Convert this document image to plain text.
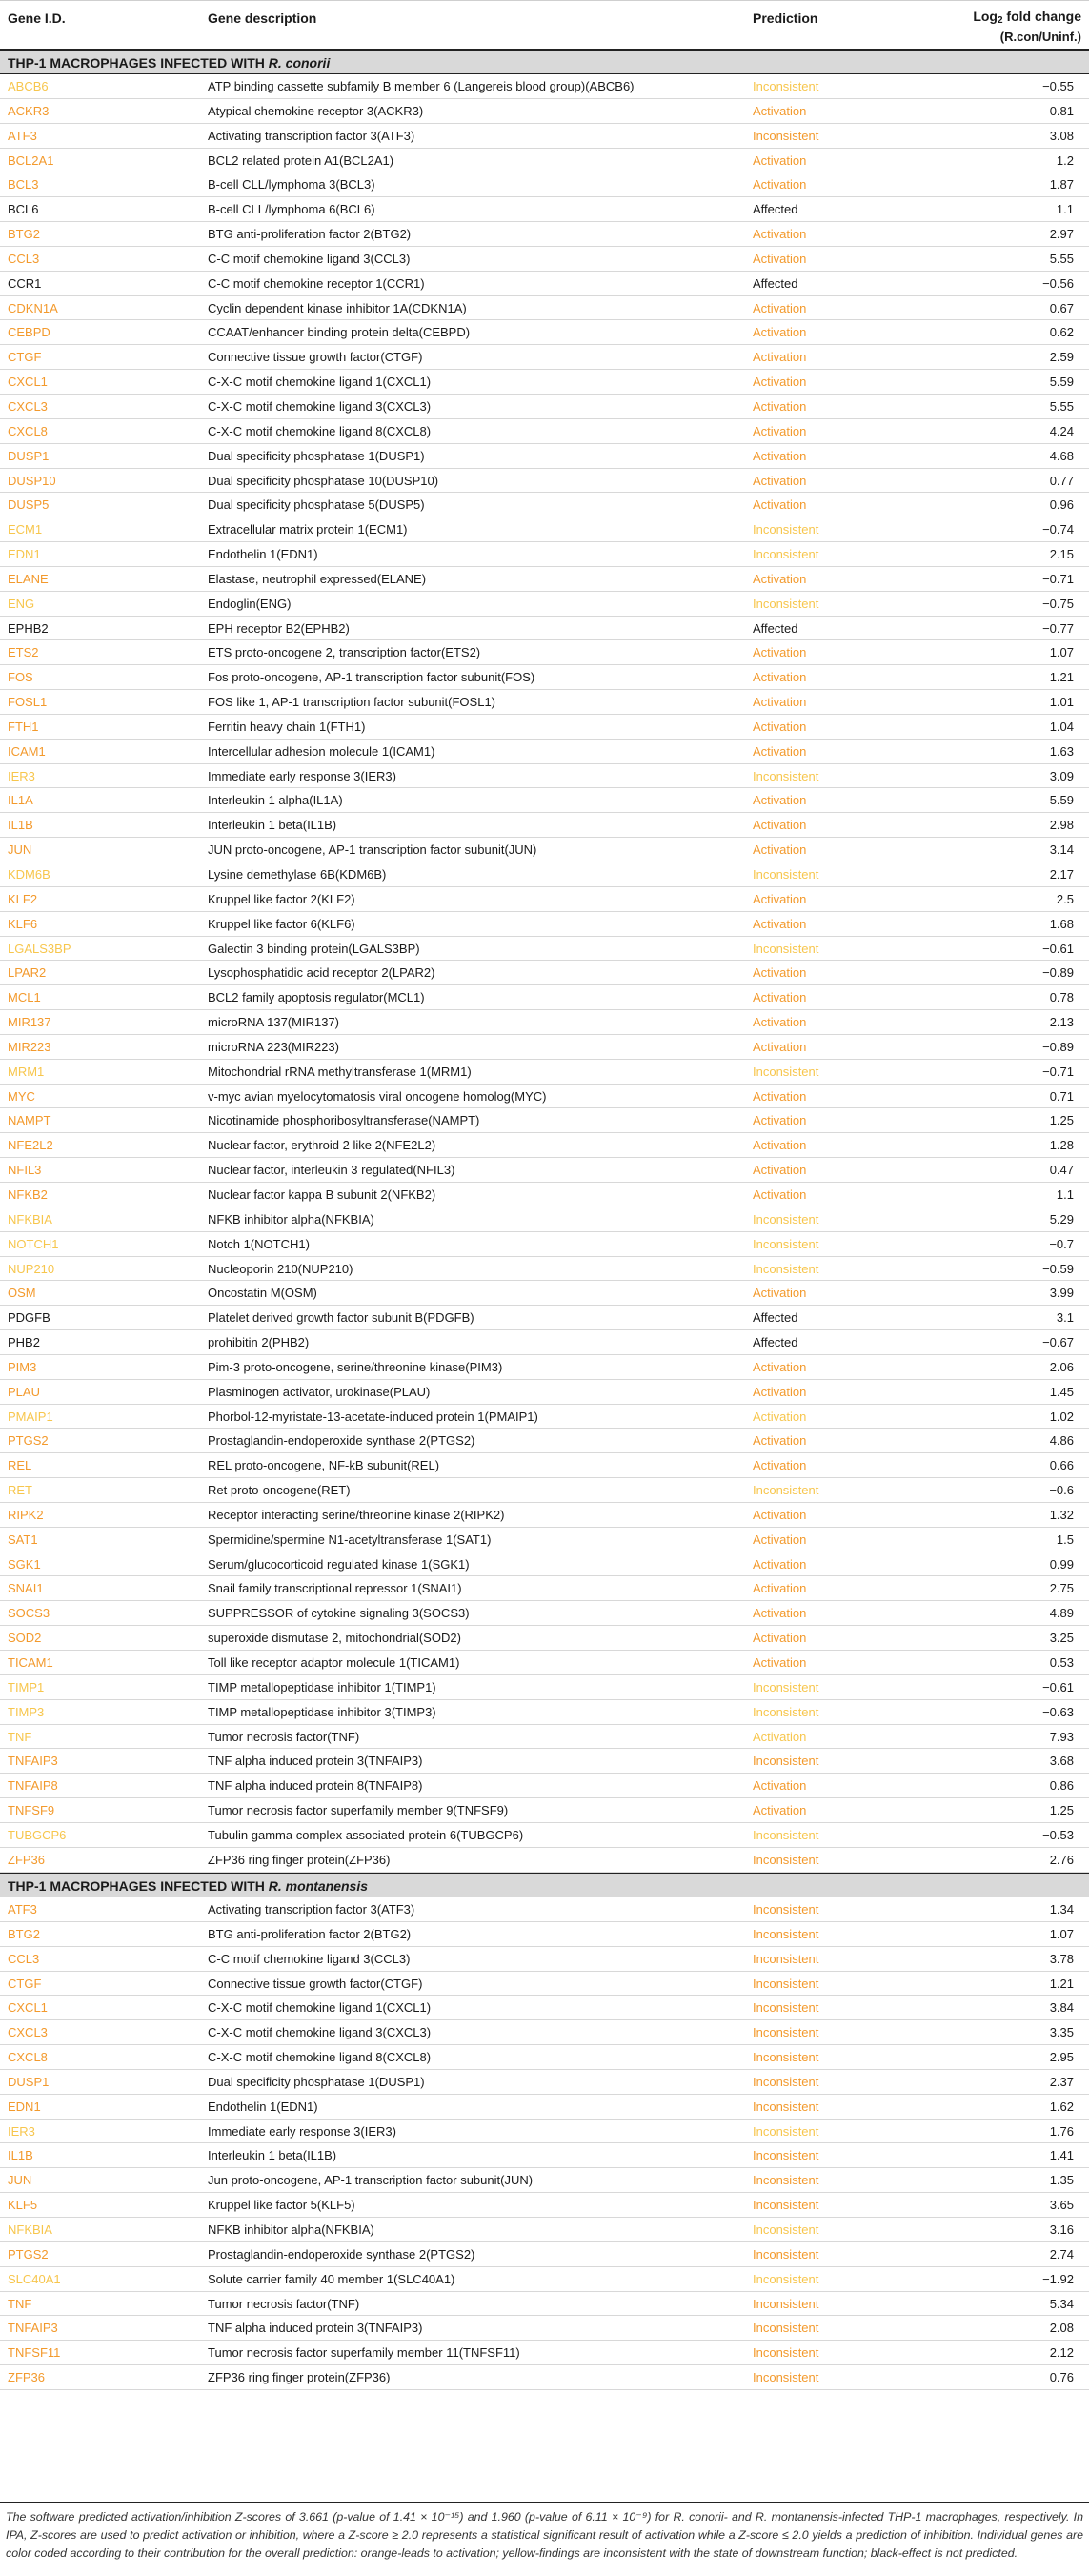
Gene I.D.	Gene description	Prediction	Log$_2$ fold change
(R.con/Uninf.)
THP-1 MACROPHAGES INFECTED WITH R. conorii
ABCB6	ATP binding cassette subfamily B member 6 (Langereis blood group)(ABCB6)	Inconsistent	−0.55
ACKR3	Atypical chemokine receptor 3(ACKR3)	Activation	0.81
ATF3	Activating transcription factor 3(ATF3)	Inconsistent	3.08
BCL2A1	BCL2 related protein A1(BCL2A1)	Activation	1.2
BCL3	B-cell CLL/lymphoma 3(BCL3)	Activation	1.87
BCL6	B-cell CLL/lymphoma 6(BCL6)	Affected	1.1
BTG2	BTG anti-proliferation factor 2(BTG2)	Activation	2.97
CCL3	C-C motif chemokine ligand 3(CCL3)	Activation	5.55
CCR1	C-C motif chemokine receptor 1(CCR1)	Affected	−0.56
CDKN1A	Cyclin dependent kinase inhibitor 1A(CDKN1A)	Activation	0.67
CEBPD	CCAAT/enhancer binding protein delta(CEBPD)	Activation	0.62
CTGF	Connective tissue growth factor(CTGF)	Activation	2.59
CXCL1	C-X-C motif chemokine ligand 1(CXCL1)	Activation	5.59
CXCL3	C-X-C motif chemokine ligand 3(CXCL3)	Activation	5.55
CXCL8	C-X-C motif chemokine ligand 8(CXCL8)	Activation	4.24
DUSP1	Dual specificity phosphatase 1(DUSP1)	Activation	4.68
DUSP10	Dual specificity phosphatase 10(DUSP10)	Activation	0.77
DUSP5	Dual specificity phosphatase 5(DUSP5)	Activation	0.96
ECM1	Extracellular matrix protein 1(ECM1)	Inconsistent	−0.74
EDN1	Endothelin 1(EDN1)	Inconsistent	2.15
ELANE	Elastase, neutrophil expressed(ELANE)	Activation	−0.71
ENG	Endoglin(ENG)	Inconsistent	−0.75
EPHB2	EPH receptor B2(EPHB2)	Affected	−0.77
ETS2	ETS proto-oncogene 2, transcription factor(ETS2)	Activation	1.07
FOS	Fos proto-oncogene, AP-1 transcription factor subunit(FOS)	Activation	1.21
FOSL1	FOS like 1, AP-1 transcription factor subunit(FOSL1)	Activation	1.01
FTH1	Ferritin heavy chain 1(FTH1)	Activation	1.04
ICAM1	Intercellular adhesion molecule 1(ICAM1)	Activation	1.63
IER3	Immediate early response 3(IER3)	Inconsistent	3.09
IL1A	Interleukin 1 alpha(IL1A)	Activation	5.59
IL1B	Interleukin 1 beta(IL1B)	Activation	2.98
JUN	JUN proto-oncogene, AP-1 transcription factor subunit(JUN)	Activation	3.14
KDM6B	Lysine demethylase 6B(KDM6B)	Inconsistent	2.17
KLF2	Kruppel like factor 2(KLF2)	Activation	2.5
KLF6	Kruppel like factor 6(KLF6)	Activation	1.68
LGALS3BP	Galectin 3 binding protein(LGALS3BP)	Inconsistent	−0.61
LPAR2	Lysophosphatidic acid receptor 2(LPAR2)	Activation	−0.89
MCL1	BCL2 family apoptosis regulator(MCL1)	Activation	0.78
MIR137	microRNA 137(MIR137)	Activation	2.13
MIR223	microRNA 223(MIR223)	Activation	−0.89
MRM1	Mitochondrial rRNA methyltransferase 1(MRM1)	Inconsistent	−0.71
MYC	v-myc avian myelocytomatosis viral oncogene homolog(MYC)	Activation	0.71
NAMPT	Nicotinamide phosphoribosyltransferase(NAMPT)	Activation	1.25
NFE2L2	Nuclear factor, erythroid 2 like 2(NFE2L2)	Activation	1.28
NFIL3	Nuclear factor, interleukin 3 regulated(NFIL3)	Activation	0.47
NFKB2	Nuclear factor kappa B subunit 2(NFKB2)	Activation	1.1
NFKBIA	NFKB inhibitor alpha(NFKBIA)	Inconsistent	5.29
NOTCH1	Notch 1(NOTCH1)	Inconsistent	−0.7
NUP210	Nucleoporin 210(NUP210)	Inconsistent	−0.59
OSM	Oncostatin M(OSM)	Activation	3.99
PDGFB	Platelet derived growth factor subunit B(PDGFB)	Affected	3.1
PHB2	prohibitin 2(PHB2)	Affected	−0.67
PIM3	Pim-3 proto-oncogene, serine/threonine kinase(PIM3)	Activation	2.06
PLAU	Plasminogen activator, urokinase(PLAU)	Activation	1.45
PMAIP1	Phorbol-12-myristate-13-acetate-induced protein 1(PMAIP1)	Activation	1.02
PTGS2	Prostaglandin-endoperoxide synthase 2(PTGS2)	Activation	4.86
REL	REL proto-oncogene, NF-kB subunit(REL)	Activation	0.66
RET	Ret proto-oncogene(RET)	Inconsistent	−0.6
RIPK2	Receptor interacting serine/threonine kinase 2(RIPK2)	Activation	1.32
SAT1	Spermidine/spermine N1-acetyltransferase 1(SAT1)	Activation	1.5
SGK1	Serum/glucocorticoid regulated kinase 1(SGK1)	Activation	0.99
SNAI1	Snail family transcriptional repressor 1(SNAI1)	Activation	2.75
SOCS3	SUPPRESSOR of cytokine signaling 3(SOCS3)	Activation	4.89
SOD2	superoxide dismutase 2, mitochondrial(SOD2)	Activation	3.25
TICAM1	Toll like receptor adaptor molecule 1(TICAM1)	Activation	0.53
TIMP1	TIMP metallopeptidase inhibitor 1(TIMP1)	Inconsistent	−0.61
TIMP3	TIMP metallopeptidase inhibitor 3(TIMP3)	Inconsistent	−0.63
TNF	Tumor necrosis factor(TNF)	Activation	7.93
TNFAIP3	TNF alpha induced protein 3(TNFAIP3)	Inconsistent	3.68
TNFAIP8	TNF alpha induced protein 8(TNFAIP8)	Activation	0.86
TNFSF9	Tumor necrosis factor superfamily member 9(TNFSF9)	Activation	1.25
TUBGCP6	Tubulin gamma complex associated protein 6(TUBGCP6)	Inconsistent	−0.53
ZFP36	ZFP36 ring finger protein(ZFP36)	Inconsistent	2.76
THP-1 MACROPHAGES INFECTED WITH R. montanensis
ATF3	Activating transcription factor 3(ATF3)	Inconsistent	1.34
BTG2	BTG anti-proliferation factor 2(BTG2)	Inconsistent	1.07
CCL3	C-C motif chemokine ligand 3(CCL3)	Inconsistent	3.78
CTGF	Connective tissue growth factor(CTGF)	Inconsistent	1.21
CXCL1	C-X-C motif chemokine ligand 1(CXCL1)	Inconsistent	3.84
CXCL3	C-X-C motif chemokine ligand 3(CXCL3)	Inconsistent	3.35
CXCL8	C-X-C motif chemokine ligand 8(CXCL8)	Inconsistent	2.95
DUSP1	Dual specificity phosphatase 1(DUSP1)	Inconsistent	2.37
EDN1	Endothelin 1(EDN1)	Inconsistent	1.62
IER3	Immediate early response 3(IER3)	Inconsistent	1.76
IL1B	Interleukin 1 beta(IL1B)	Inconsistent	1.41
JUN	Jun proto-oncogene, AP-1 transcription factor subunit(JUN)	Inconsistent	1.35
KLF5	Kruppel like factor 5(KLF5)	Inconsistent	3.65
NFKBIA	NFKB inhibitor alpha(NFKBIA)	Inconsistent	3.16
PTGS2	Prostaglandin-endoperoxide synthase 2(PTGS2)	Inconsistent	2.74
SLC40A1	Solute carrier family 40 member 1(SLC40A1)	Inconsistent	−1.92
TNF	Tumor necrosis factor(TNF)	Inconsistent	5.34
TNFAIP3	TNF alpha induced protein 3(TNFAIP3)	Inconsistent	2.08
TNFSF11	Tumor necrosis factor superfamily member 11(TNFSF11)	Inconsistent	2.12
ZFP36	ZFP36 ring finger protein(ZFP36)	Inconsistent	0.76
The software predicted activation/inhibition Z-scores of 3.661 (p-value of 1.41 × 10⁻¹⁵) and 1.960 (p-value of 6.11 × 10⁻⁹) for R. conorii- and R. montanensis-infected THP-1 macrophages, respectively. In IPA, Z-scores are used to predict activation or inhibition, where a Z-score ≥ 2.0 represents a statistical significant result of activation while a Z-score ≤ 2.0 yields a prediction of inhibition. Individual genes are color coded according to their contribution for the overall prediction: orange-leads to activation; yellow-findings are inconsistent with the state of downstream function; black-effect is not predicted.
